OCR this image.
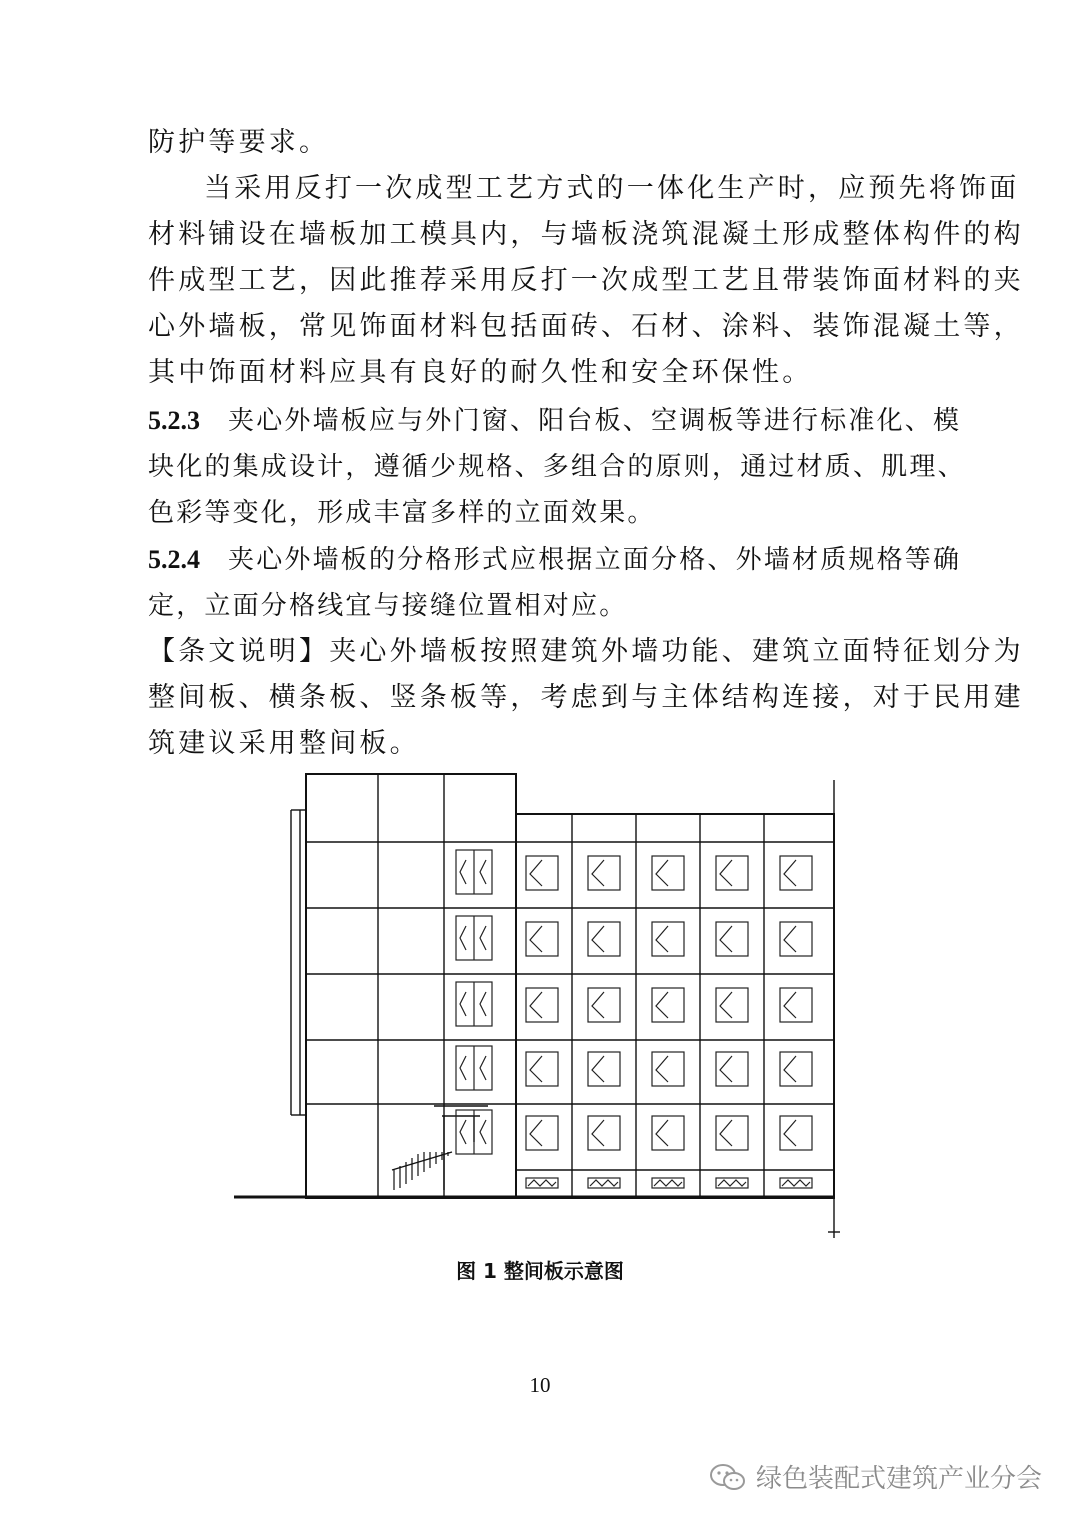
防护等要求。
当采用反打一次成型工艺方式的一体化生产时，应预先将饰面
材料铺设在墙板加工模具内，与墙板浇筑混凝土形成整体构件的构
件成型工艺，因此推荐采用反打一次成型工艺且带装饰面材料的夹
心外墙板，常见饰面材料包括面砖、石材、涂料、装饰混凝土等，
其中饰面材料应具有良好的耐久性和安全环保性。
5.2.3 夹心外墙板应与外门窗、阳台板、空调板等进行标准化、模
块化的集成设计，遵循少规格、多组合的原则，通过材质、肌理、
色彩等变化，形成丰富多样的立面效果。
5.2.4 夹心外墙板的分格形式应根据立面分格、外墙材质规格等确
定，立面分格线宜与接缝位置相对应。
【条文说明】夹心外墙板按照建筑外墙功能、建筑立面特征划分为
整间板、横条板、竖条板等，考虑到与主体结构连接，对于民用建
筑建议采用整间板。
图 1 整间板示意图
10
绿色装配式建筑产业分会
